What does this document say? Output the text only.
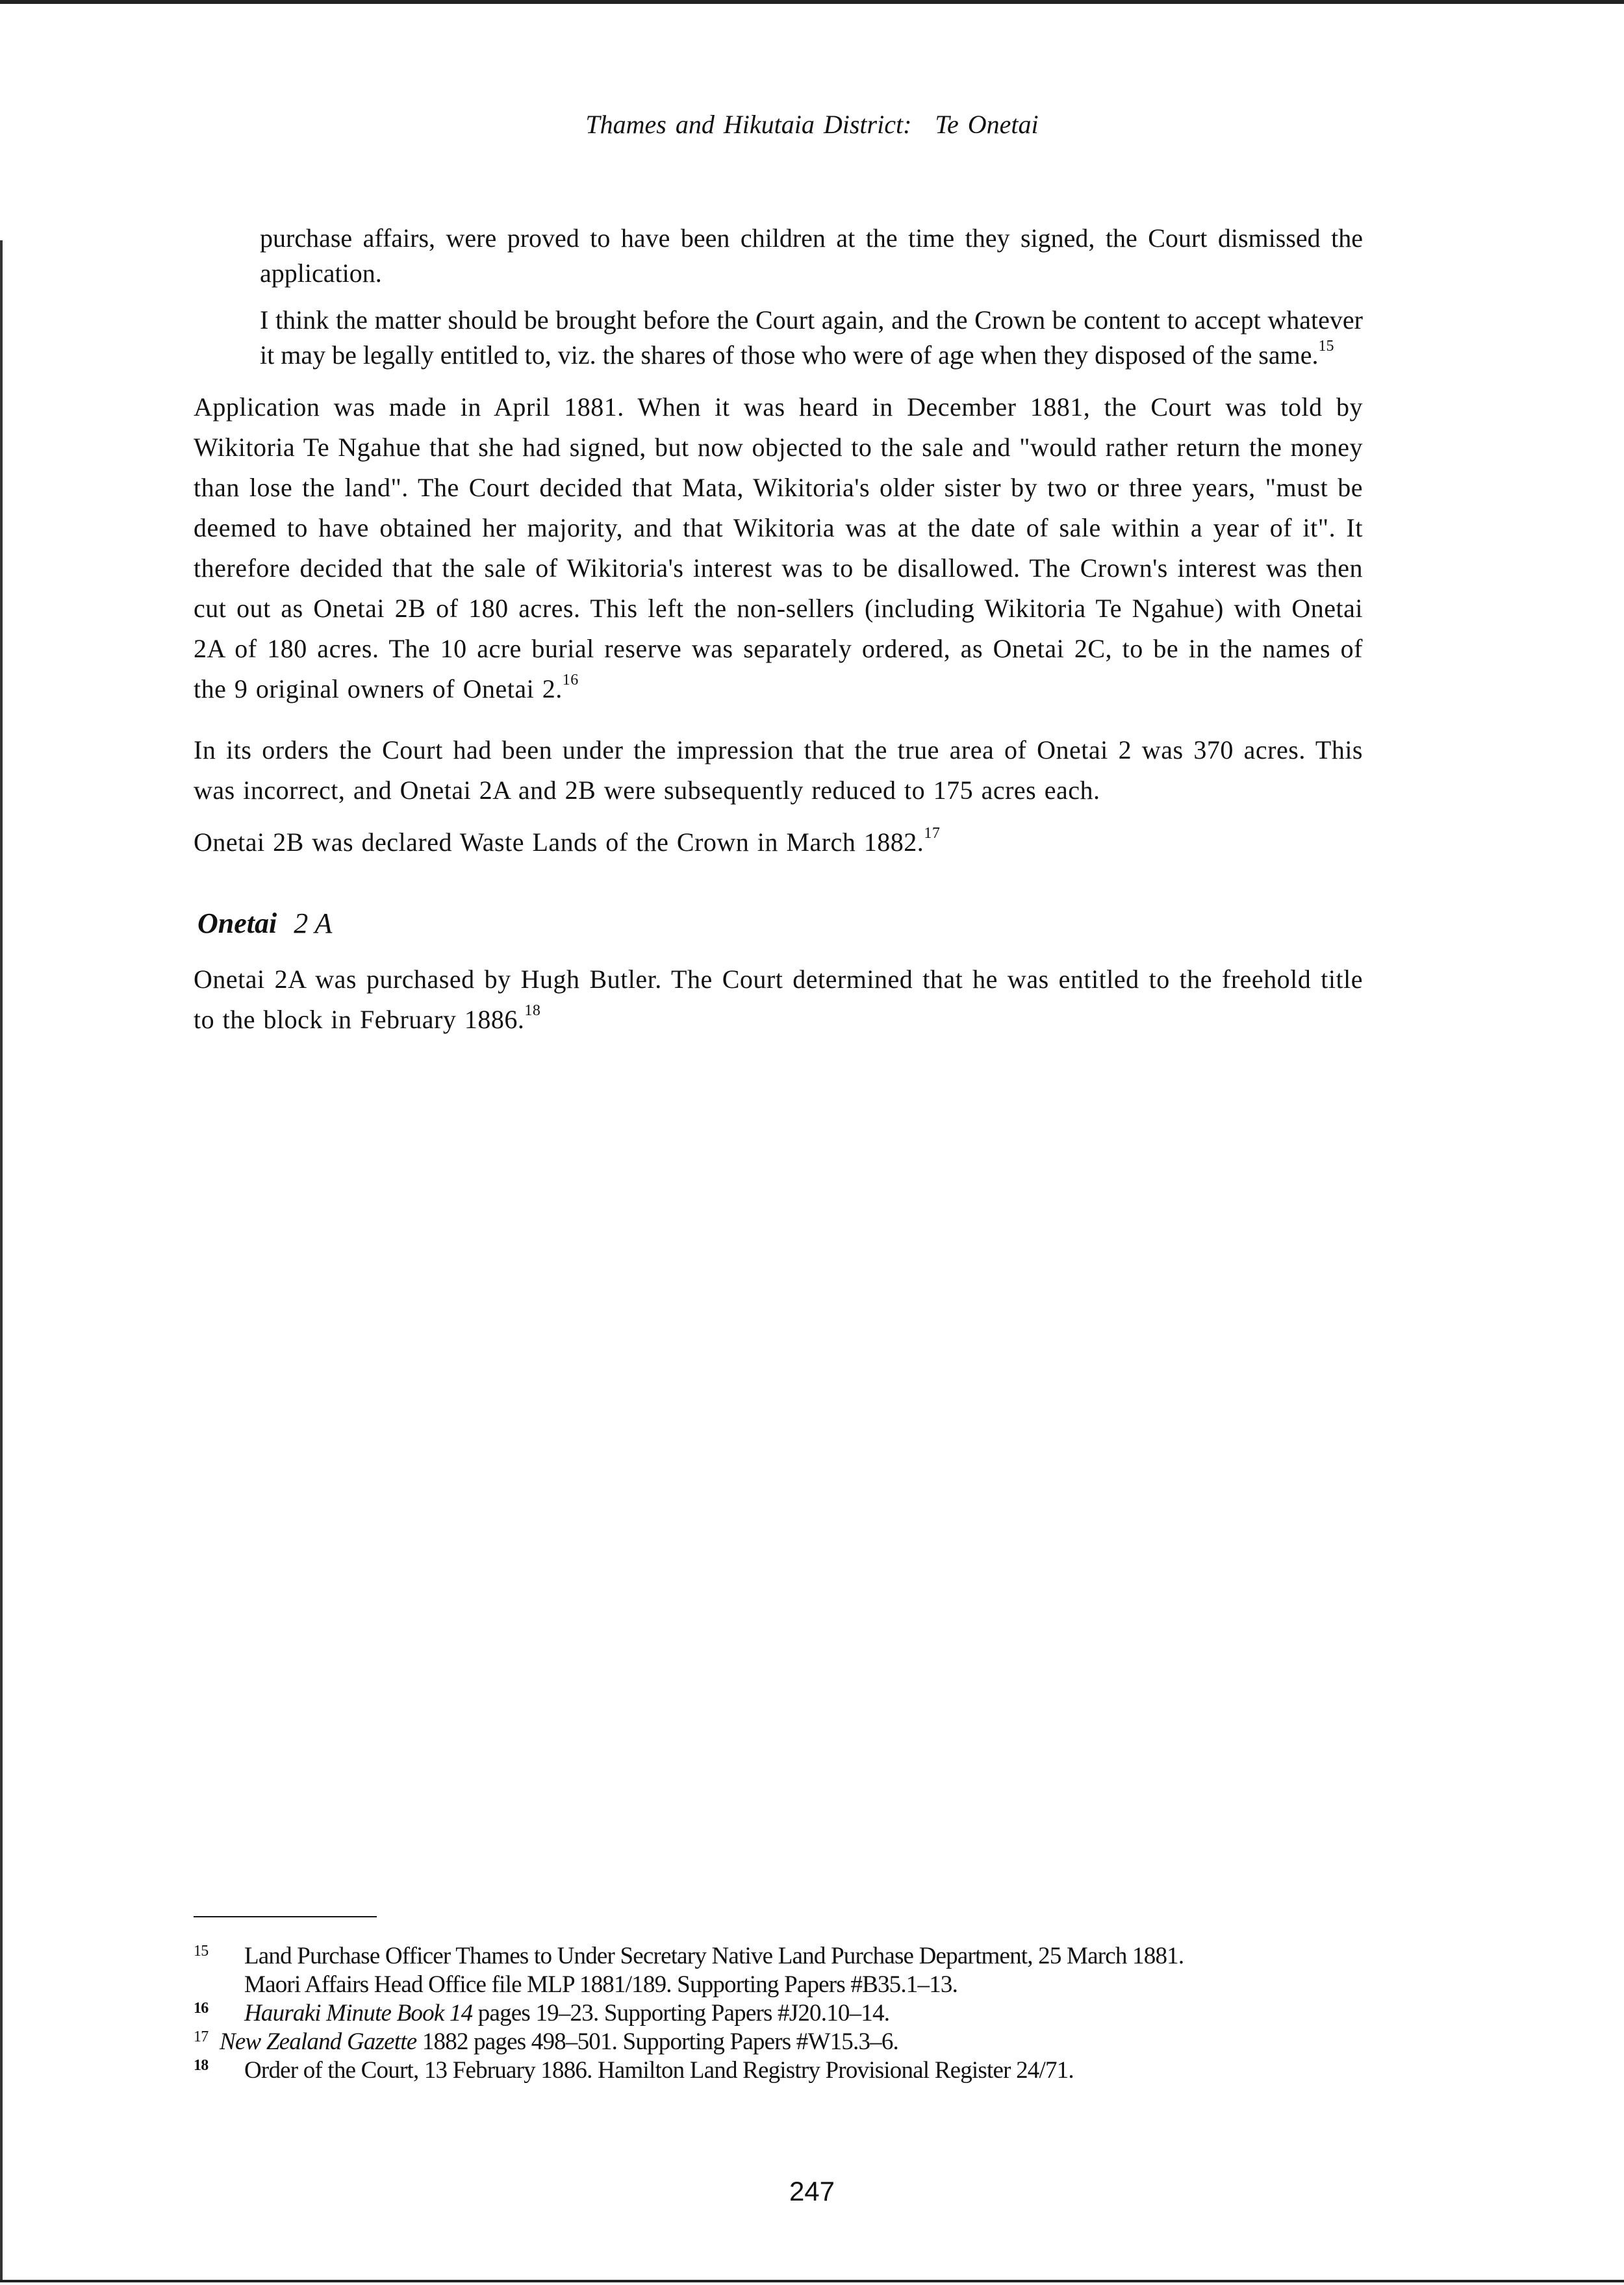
Thames and Hikutaia District: Te Onetai

purchase affairs, were proved to have been children at the time they signed, the Court dismissed the application.

I think the matter should be brought before the Court again, and the Crown be content to accept whatever it may be legally entitled to, viz. the shares of those who were of age when they disposed of the same.$^{15}$

Application was made in April 1881. When it was heard in December 1881, the Court was told by Wikitoria Te Ngahue that she had signed, but now objected to the sale and "would rather return the money than lose the land". The Court decided that Mata, Wikitoria's older sister by two or three years, "must be deemed to have obtained her majority, and that Wikitoria was at the date of sale within a year of it". It therefore decided that the sale of Wikitoria's interest was to be disallowed. The Crown's interest was then cut out as Onetai 2B of 180 acres. This left the non-sellers (including Wikitoria Te Ngahue) with Onetai 2A of 180 acres. The 10 acre burial reserve was separately ordered, as Onetai 2C, to be in the names of the 9 original owners of Onetai 2.16

In its orders the Court had been under the impression that the true area of Onetai 2 was 370 acres. This was incorrect, and Onetai 2A and 2B were subsequently reduced to 175 acres each.

Onetai 2B was declared Waste Lands of the Crown in March 1882.17

Onetai 2 A

Onetai 2A was purchased by Hugh Butler. The Court determined that he was entitled to the freehold title to the block in February 1886.18

15 Land Purchase Officer Thames to Under Secretary Native Land Purchase Department, 25 March 1881.
Maori Affairs Head Office file MLP 1881/189. Supporting Papers #B35.1–13.

16 Hauraki Minute Book 14 pages 19–23. Supporting Papers #J20.10–14.

17 New Zealand Gazette 1882 pages 498–501. Supporting Papers #W15.3–6.

18 Order of the Court, 13 February 1886. Hamilton Land Registry Provisional Register 24/71.

247
